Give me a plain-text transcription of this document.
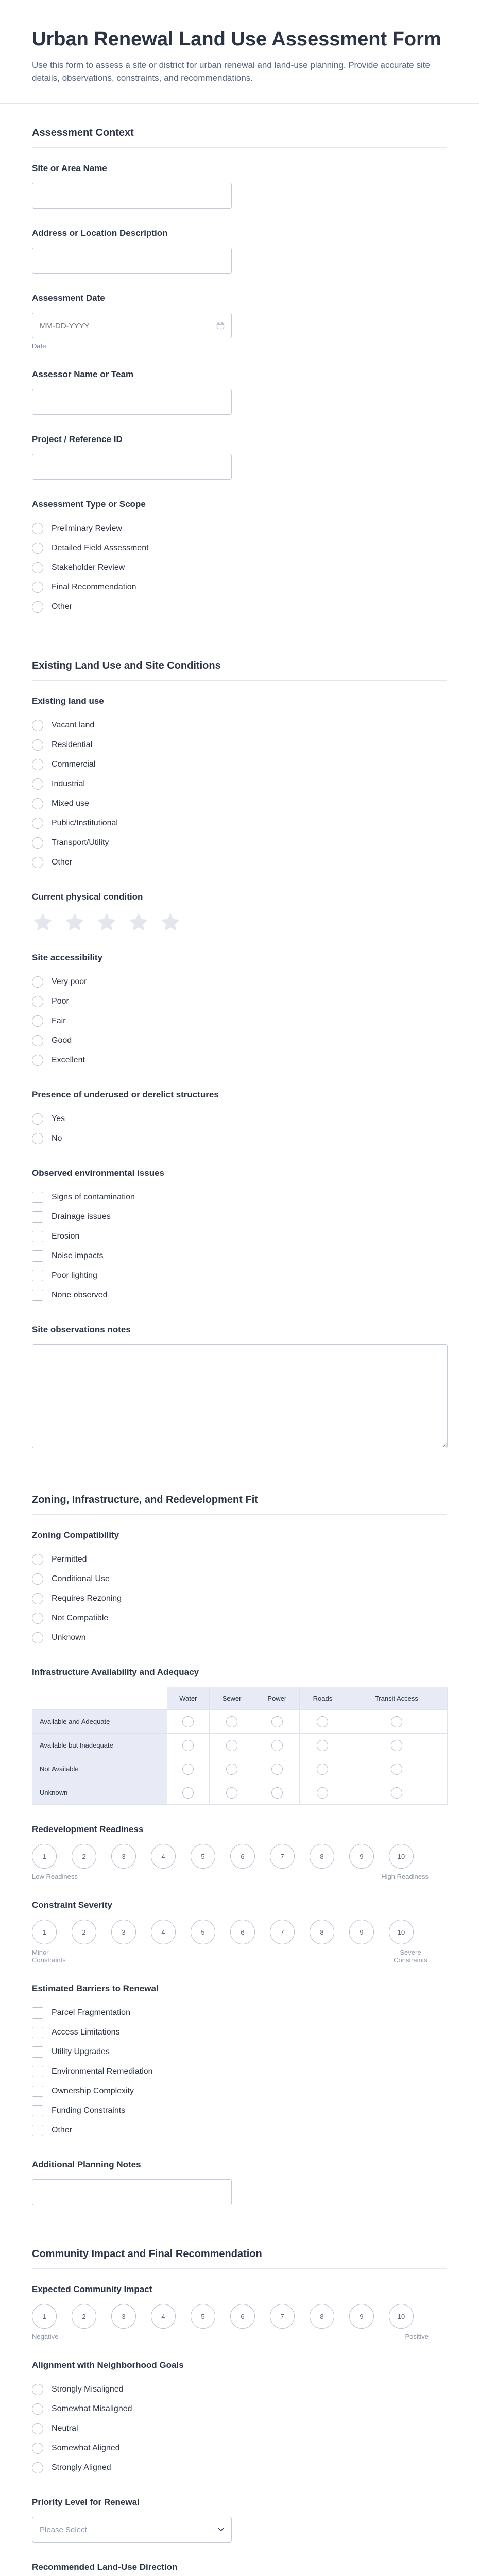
Urban Renewal Land Use Assessment Form

Use this form to assess a site or district for urban renewal and land-use planning. Provide accurate site details, observations, constraints, and recommendations.

Assessment Context
Site or Area Name
Address or Location Description
Assessment Date
MM-DD-YYYY
Date
Assessor Name or Team
Project / Reference ID
Assessment Type or Scope
Preliminary Review
Detailed Field Assessment
Stakeholder Review
Final Recommendation
Other
Existing Land Use and Site Conditions
Existing land use
Vacant land
Residential
Commercial
Industrial
Mixed use
Public/Institutional
Transport/Utility
Other
Current physical condition
Site accessibility
Very poor
Poor
Fair
Good
Excellent
Presence of underused or derelict structures
Yes
No
Observed environmental issues
Signs of contamination
Drainage issues
Erosion
Noise impacts
Poor lighting
None observed
Site observations notes
Zoning, Infrastructure, and Redevelopment Fit
Zoning Compatibility
Permitted
Conditional Use
Requires Rezoning
Not Compatible
Unknown
Infrastructure Availability and Adequacy
	Water	Sewer	Power	Roads	Transit Access
Available and Adequate					
Available but Inadequate					
Not Available					
Unknown					
Redevelopment Readiness
1	2	3	4	5	6	7	8	9	10
Low Readiness	High Readiness
Constraint Severity
1	2	3	4	5	6	7	8	9	10
Minor Constraints
Severe Constraints
Estimated Barriers to Renewal
Parcel Fragmentation
Access Limitations
Utility Upgrades
Environmental Remediation
Ownership Complexity
Funding Constraints
Other
Additional Planning Notes
Community Impact and Final Recommendation
Expected Community Impact
1	2	3	4	5	6	7	8	9	10
Negative	Positive
Alignment with Neighborhood Goals
Strongly Misaligned
Somewhat Misaligned
Neutral
Somewhat Aligned
Strongly Aligned
Priority Level for Renewal
Please Select
Recommended Land-Use Direction
